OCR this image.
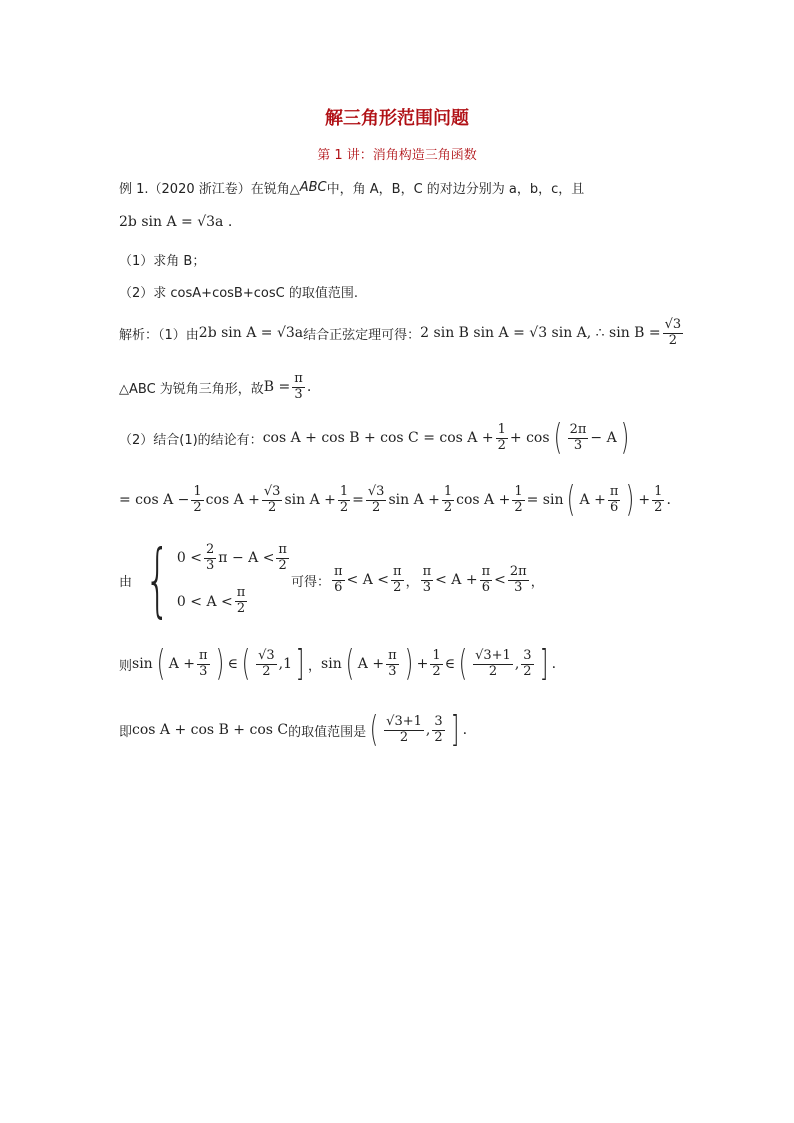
解三角形范围问题
第 1 讲：消角构造三角函数
例 1.（2020 浙江卷）在锐角△ ABC 中，角 A，B，C 的对边分别为 a，b，c，且
2b sin A = √3a .
（1）求角 B；
（2）求 cosA+cosB+cosC 的取值范围.
解析：（1）由 2b sin A = √3a 结合正弦定理可得： 2 sin B sin A = √3 sin A, ∴ $\sin B = \frac{√3}{2}$
△ABC 为锐角三角形，故 $B = \frac{\pi}{3}$ .
（2）结合(1)的结论有： $\cos A + \cos B + \cos C = \cos A + \frac{1}{2} + \cos$ ( $\frac{2\pi}{3} - A$ )
= $\cos A - \frac{1}{2}$ $\cos A + \frac{√3}{2}$ $\sin A + \frac{1}{2} = \frac{√3}{2}$ $\sin A + \frac{1}{2}$ $\cos A + \frac{1}{2} = \sin$ ( $A + \frac{\pi}{6}$ ) + $\frac{1}{2}$ .
由 { $0 < \frac{2}{3}$ $\pi - A < \frac{\pi}{2}$
$0 < A < \frac{\pi}{2}$
可得： $\frac{\pi}{6} < A < \frac{\pi}{2}$ ， $\frac{\pi}{3} < A + \frac{\pi}{6} < \frac{2\pi}{3}$ ，
则 sin ( $A + \frac{\pi}{3}$ ) ∈ ( $\frac{√3}{2} ,1$ ] ， sin ( $A + \frac{\pi}{3}$ ) + $\frac{1}{2}$ ∈ ( $\frac{√3+1}{2}$ , $\frac{3}{2}$ ] .
即 cos A + cos B + cos C 的取值范围是 ( $\frac{√3+1}{2}$ , $\frac{3}{2}$ ] .
